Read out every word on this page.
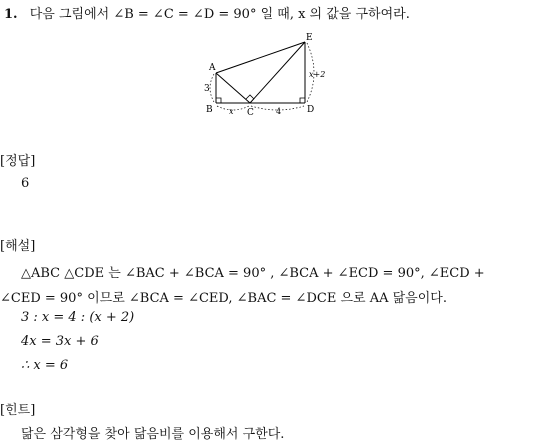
1. 다음 그림에서 ∠B = ∠C = ∠D = 90° 일 때, x 의 값을 구하여라.
A
B	C	D
E
3
x	4
x+2
[정답]
6
[해설]
△ABC △CDE 는 ∠BAC + ∠BCA = 90° , ∠BCA + ∠ECD = 90°, ∠ECD +
∠CED = 90° 이므로 ∠BCA = ∠CED, ∠BAC = ∠DCE 으로 AA 닮음이다.
3 : x = 4 : (x + 2)
4x = 3x + 6
∴ x = 6
[힌트]
닮은 삼각형을 찾아 닮음비를 이용해서 구한다.
